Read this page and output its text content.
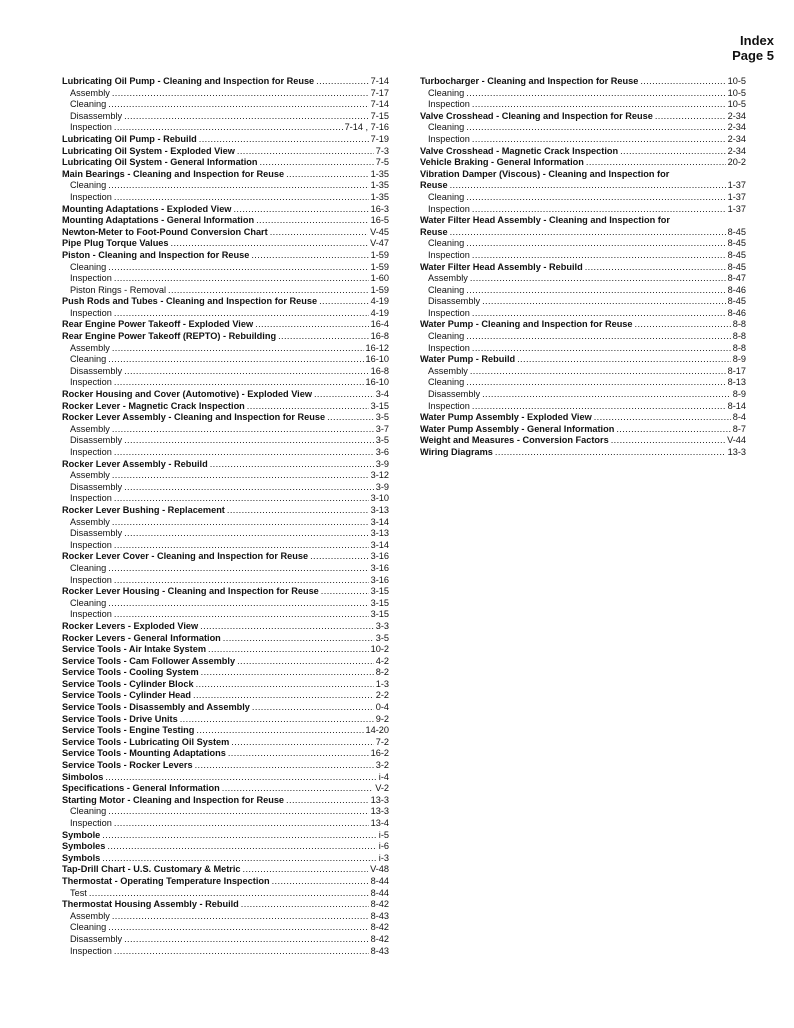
Index
Page 5
Lubricating Oil Pump - Cleaning and Inspection for Reuse .....	7-14
Assembly .....	7-17
Cleaning .....	7-14
Disassembly .....	7-15
Inspection .....	7-14 , 7-16
Lubricating Oil Pump - Rebuild .....	7-19
Lubricating Oil System - Exploded View .....	7-3
Lubricating Oil System - General Information .....	7-5
Main Bearings - Cleaning and Inspection for Reuse .....	1-35
Cleaning .....	1-35
Inspection .....	1-35
Mounting Adaptations - Exploded View .....	16-3
Mounting Adaptations - General Information .....	16-5
Newton-Meter to Foot-Pound Conversion Chart .....	V-45
Pipe Plug Torque Values .....	V-47
Piston - Cleaning and Inspection for Reuse .....	1-59
Cleaning .....	1-59
Inspection .....	1-60
Piston Rings - Removal .....	1-59
Push Rods and Tubes - Cleaning and Inspection for Reuse .....	4-19
Inspection .....	4-19
Rear Engine Power Takeoff - Exploded View .....	16-4
Rear Engine Power Takeoff (REPTO) - Rebuilding .....	16-8
Assembly .....	16-12
Cleaning .....	16-10
Disassembly .....	16-8
Inspection .....	16-10
Rocker Housing and Cover (Automotive) - Exploded View .....	3-4
Rocker Lever - Magnetic Crack Inspection .....	3-15
Rocker Lever Assembly - Cleaning and Inspection for Reuse .....	3-5
Assembly .....	3-7
Disassembly .....	3-5
Inspection .....	3-6
Rocker Lever Assembly - Rebuild .....	3-9
Assembly .....	3-12
Disassembly .....	3-9
Inspection .....	3-10
Rocker Lever Bushing - Replacement .....	3-13
Assembly .....	3-14
Disassembly .....	3-13
Inspection .....	3-14
Rocker Lever Cover - Cleaning and Inspection for Reuse .....	3-16
Cleaning .....	3-16
Inspection .....	3-16
Rocker Lever Housing - Cleaning and Inspection for Reuse .....	3-15
Cleaning .....	3-15
Inspection .....	3-15
Rocker Levers - Exploded View .....	3-3
Rocker Levers - General Information .....	3-5
Service Tools - Air Intake System .....	10-2
Service Tools - Cam Follower Assembly .....	4-2
Service Tools - Cooling System .....	8-2
Service Tools - Cylinder Block .....	1-3
Service Tools - Cylinder Head .....	2-2
Service Tools - Disassembly and Assembly .....	0-4
Service Tools - Drive Units .....	9-2
Service Tools - Engine Testing .....	14-20
Service Tools - Lubricating Oil System .....	7-2
Service Tools - Mounting Adaptations .....	16-2
Service Tools - Rocker Levers .....	3-2
Simbolos .....	i-4
Specifications - General Information .....	V-2
Starting Motor - Cleaning and Inspection for Reuse .....	13-3
Cleaning .....	13-3
Inspection .....	13-4
Symbole .....	i-5
Symboles .....	i-6
Symbols .....	i-3
Tap-Drill Chart - U.S. Customary & Metric .....	V-48
Thermostat - Operating Temperature Inspection .....	8-44
Test .....	8-44
Thermostat Housing Assembly - Rebuild .....	8-42
Assembly .....	8-43
Cleaning .....	8-42
Disassembly .....	8-42
Inspection .....	8-43
Turbocharger - Cleaning and Inspection for Reuse .....	10-5
Cleaning .....	10-5
Inspection .....	10-5
Valve Crosshead - Cleaning and Inspection for Reuse .....	2-34
Cleaning .....	2-34
Inspection .....	2-34
Valve Crosshead - Magnetic Crack Inspection .....	2-34
Vehicle Braking - General Information .....	20-2
Vibration Damper (Viscous) - Cleaning and Inspection for
Reuse .....	1-37
Cleaning .....	1-37
Inspection .....	1-37
Water Filter Head Assembly - Cleaning and Inspection for
Reuse .....	8-45
Cleaning .....	8-45
Inspection .....	8-45
Water Filter Head Assembly - Rebuild .....	8-45
Assembly .....	8-47
Cleaning .....	8-46
Disassembly .....	8-45
Inspection .....	8-46
Water Pump - Cleaning and Inspection for Reuse .....	8-8
Cleaning .....	8-8
Inspection .....	8-8
Water Pump - Rebuild .....	8-9
Assembly .....	8-17
Cleaning .....	8-13
Disassembly .....	8-9
Inspection .....	8-14
Water Pump Assembly - Exploded View .....	8-4
Water Pump Assembly - General Information .....	8-7
Weight and Measures - Conversion Factors .....	V-44
Wiring Diagrams .....	13-3
